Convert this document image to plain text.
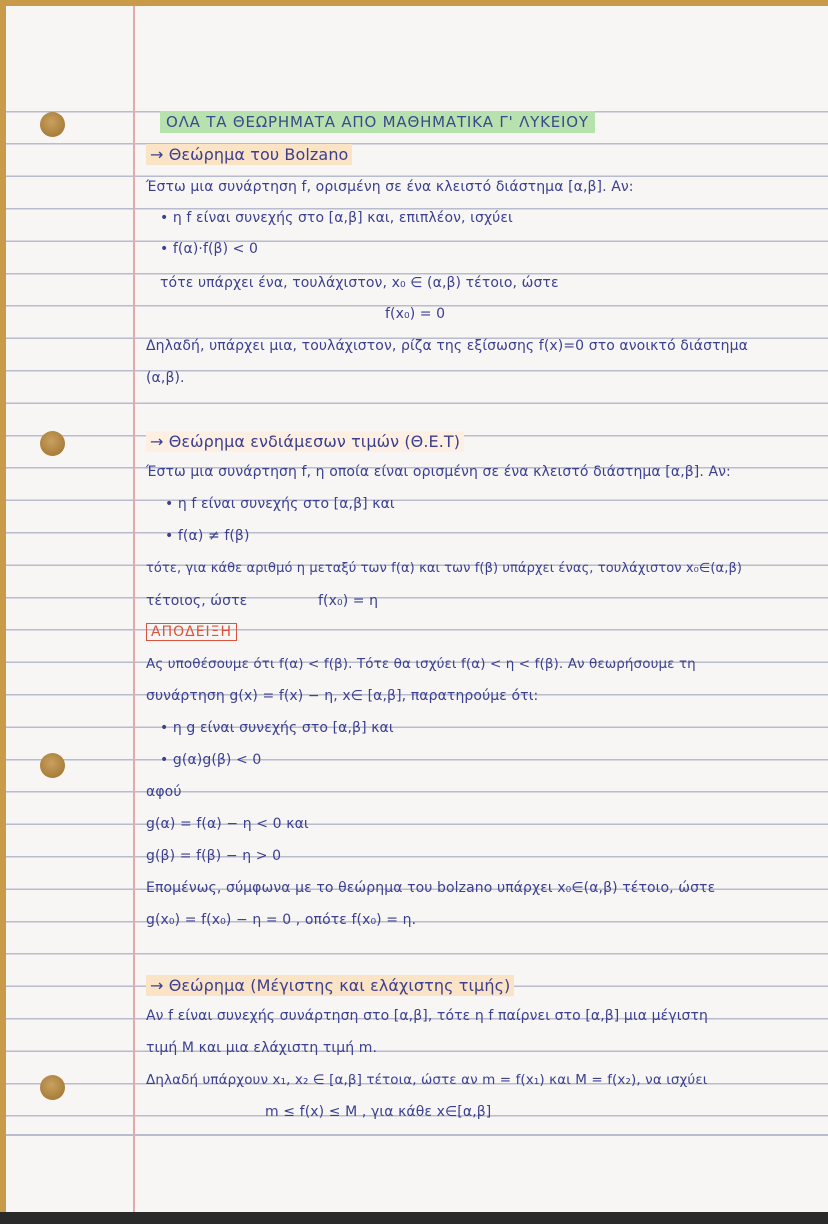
ΟΛΑ ΤΑ ΘΕΩΡΗΜΑΤΑ ΑΠΟ ΜΑΘΗΜΑΤΙΚΑ Γ' ΛΥΚΕΙΟΥ
→ Θεώρημα του Bolzano
Έστω μια συνάρτηση f, ορισμένη σε ένα κλειστό διάστημα [α,β]. Αν:
• η f είναι συνεχής στο [α,β] και, επιπλέον, ισχύει
• f(α)·f(β) < 0
τότε υπάρχει ένα, τουλάχιστον, x₀ ∈ (α,β) τέτοιο, ώστε
f(x₀) = 0
Δηλαδή, υπάρχει μια, τουλάχιστον, ρίζα της εξίσωσης f(x)=0 στο ανοικτό διάστημα
(α,β).
→ Θεώρημα ενδιάμεσων τιμών (Θ.Ε.Τ)
Έστω μια συνάρτηση f, η οποία είναι ορισμένη σε ένα κλειστό διάστημα [α,β]. Αν:
• η f είναι συνεχής στο [α,β] και
• f(α) ≠ f(β)
τότε, για κάθε αριθμό η μεταξύ των f(α) και των f(β) υπάρχει ένας, τουλάχιστον x₀∈(α,β)
τέτοιος, ώστε	f(x₀) = η
ΑΠΟΔΕΙΞΗ
Ας υποθέσουμε ότι f(α) < f(β). Τότε θα ισχύει f(α) < η < f(β). Αν θεωρήσουμε τη
συνάρτηση g(x) = f(x) − η, x∈ [α,β], παρατηρούμε ότι:
• η g είναι συνεχής στο [α,β] και
• g(α)g(β) < 0
αφού
g(α) = f(α) − η < 0 και
g(β) = f(β) − η > 0
Επομένως, σύμφωνα με το θεώρημα του bolzano υπάρχει x₀∈(α,β) τέτοιο, ώστε
g(x₀) = f(x₀) − η = 0 , οπότε f(x₀) = η.
→ Θεώρημα (Μέγιστης και ελάχιστης τιμής)
Αν f είναι συνεχής συνάρτηση στο [α,β], τότε η f παίρνει στο [α,β] μια μέγιστη
τιμή M και μια ελάχιστη τιμή m.
Δηλαδή υπάρχουν x₁, x₂ ∈ [α,β] τέτοια, ώστε αν m = f(x₁) και M = f(x₂), να ισχύει
m ≤ f(x) ≤ M , για κάθε x∈[α,β]
